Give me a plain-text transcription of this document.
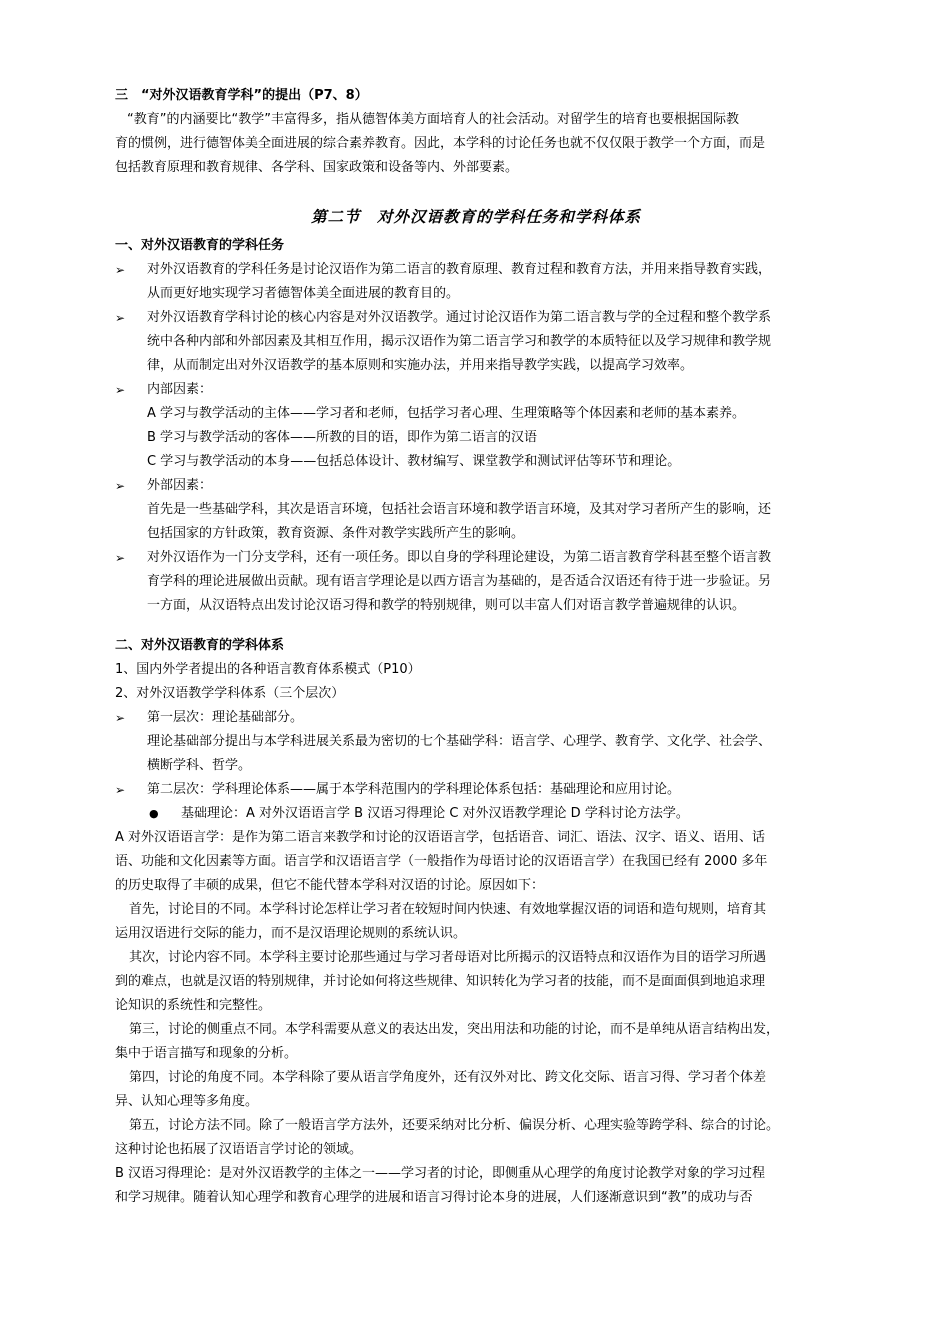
三　“对外汉语教育学科”的提出（P7、8）
“教育”的内涵要比“教学”丰富得多，指从德智体美方面培育人的社会活动。对留学生的培育也要根据国际教
育的惯例，进行德智体美全面进展的综合素养教育。因此，本学科的讨论任务也就不仅仅限于教学一个方面，而是
包括教育原理和教育规律、各学科、国家政策和设备等内、外部要素。
第二节　对外汉语教育的学科任务和学科体系
一、对外汉语教育的学科任务
➢	对外汉语教育的学科任务是讨论汉语作为第二语言的教育原理、教育过程和教育方法，并用来指导教育实践，
从而更好地实现学习者德智体美全面进展的教育目的。
➢	对外汉语教育学科讨论的核心内容是对外汉语教学。通过讨论汉语作为第二语言教与学的全过程和整个教学系
统中各种内部和外部因素及其相互作用，揭示汉语作为第二语言学习和教学的本质特征以及学习规律和教学规
律，从而制定出对外汉语教学的基本原则和实施办法，并用来指导教学实践，以提高学习效率。
➢	内部因素：
A 学习与教学活动的主体——学习者和老师，包括学习者心理、生理策略等个体因素和老师的基本素养。
B 学习与教学活动的客体——所教的目的语，即作为第二语言的汉语
C 学习与教学活动的本身——包括总体设计、教材编写、课堂教学和测试评估等环节和理论。
➢	外部因素：
首先是一些基础学科，其次是语言环境，包括社会语言环境和教学语言环境，及其对学习者所产生的影响，还
包括国家的方针政策，教育资源、条件对教学实践所产生的影响。
➢	对外汉语作为一门分支学科，还有一项任务。即以自身的学科理论建设，为第二语言教育学科甚至整个语言教
育学科的理论进展做出贡献。现有语言学理论是以西方语言为基础的，是否适合汉语还有待于进一步验证。另
一方面，从汉语特点出发讨论汉语习得和教学的特别规律，则可以丰富人们对语言教学普遍规律的认识。
二、对外汉语教育的学科体系
1、国内外学者提出的各种语言教育体系模式（P10）
2、对外汉语教学学科体系（三个层次）
➢	第一层次：理论基础部分。
理论基础部分提出与本学科进展关系最为密切的七个基础学科：语言学、心理学、教育学、文化学、社会学、
横断学科、哲学。
➢	第二层次：学科理论体系——属于本学科范围内的学科理论体系包括：基础理论和应用讨论。
● 基础理论：A 对外汉语语言学 B 汉语习得理论 C 对外汉语教学理论 D 学科讨论方法学。
A 对外汉语语言学：是作为第二语言来教学和讨论的汉语语言学，包括语音、词汇、语法、汉字、语义、语用、话
语、功能和文化因素等方面。语言学和汉语语言学（一般指作为母语讨论的汉语语言学）在我国已经有 2000 多年
的历史取得了丰硕的成果，但它不能代替本学科对汉语的讨论。原因如下：
首先，讨论目的不同。本学科讨论怎样让学习者在较短时间内快速、有效地掌握汉语的词语和造句规则，培育其
运用汉语进行交际的能力，而不是汉语理论规则的系统认识。
其次，讨论内容不同。本学科主要讨论那些通过与学习者母语对比所揭示的汉语特点和汉语作为目的语学习所遇
到的难点，也就是汉语的特别规律，并讨论如何将这些规律、知识转化为学习者的技能，而不是面面俱到地追求理
论知识的系统性和完整性。
第三，讨论的侧重点不同。本学科需要从意义的表达出发，突出用法和功能的讨论，而不是单纯从语言结构出发，
集中于语言描写和现象的分析。
第四，讨论的角度不同。本学科除了要从语言学角度外，还有汉外对比、跨文化交际、语言习得、学习者个体差
异、认知心理等多角度。
第五，讨论方法不同。除了一般语言学方法外，还要采纳对比分析、偏误分析、心理实验等跨学科、综合的讨论。
这种讨论也拓展了汉语语言学讨论的领域。
B 汉语习得理论：是对外汉语教学的主体之一——学习者的讨论，即侧重从心理学的角度讨论教学对象的学习过程
和学习规律。随着认知心理学和教育心理学的进展和语言习得讨论本身的进展，人们逐渐意识到“教”的成功与否
